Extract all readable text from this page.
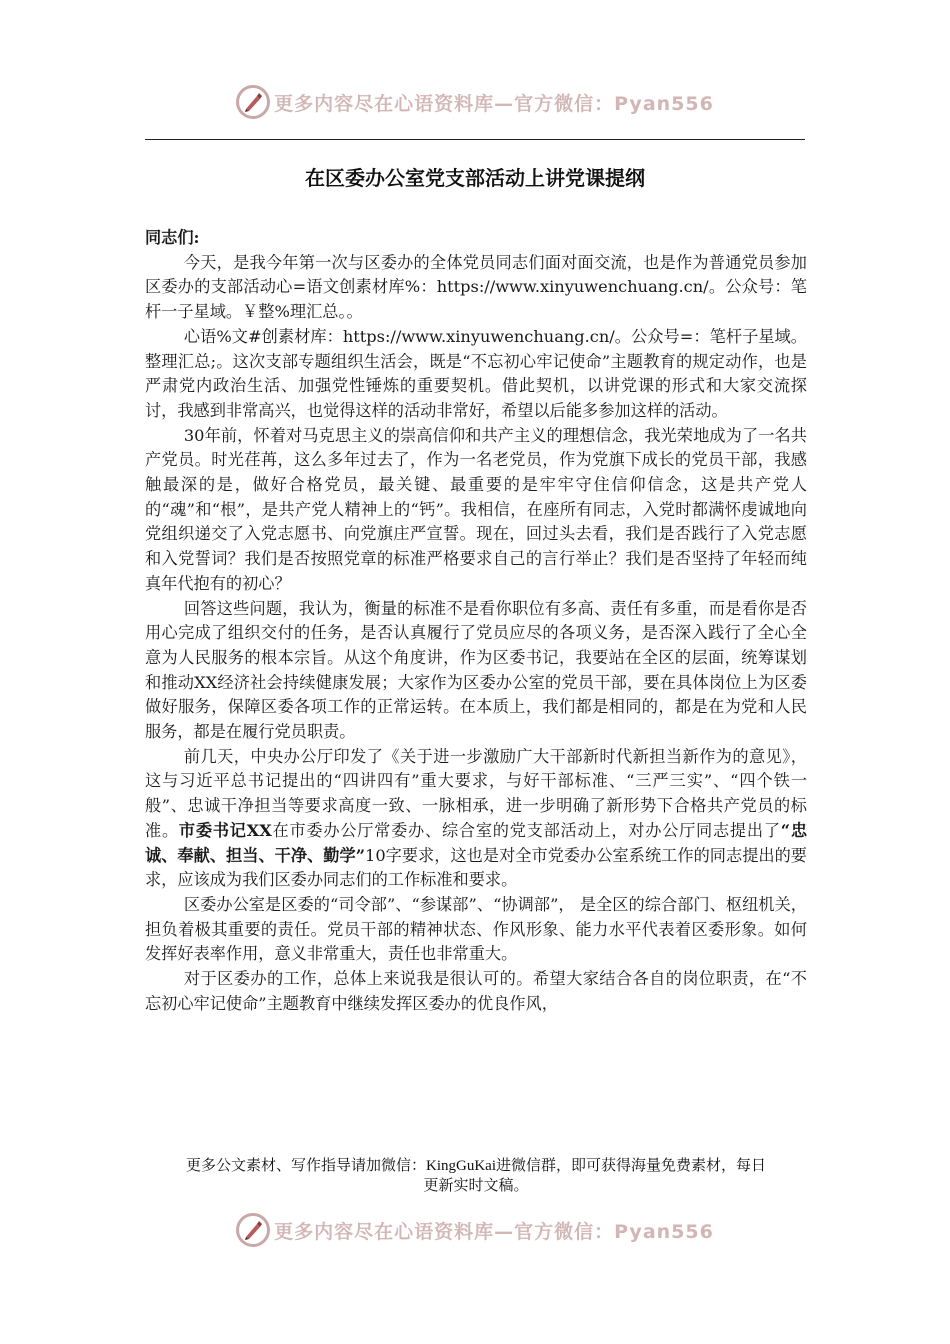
更多内容尽在心语资料库—官方微信：Pyan556
在区委办公室党支部活动上讲党课提纲

同志们:

今天，是我今年第一次与区委办的全体党员同志们面对面交流，也是作为普通党员参加区委办的支部活动心=语文创素材库%：https://www.xinyuwenchuang.cn/。公众号：笔杆一子星域。￥整%理汇总。。

心语%文#创素材库：https://www.xinyuwenchuang.cn/。公众号=：笔杆子星域。整理汇总;。这次支部专题组织生活会，既是“不忘初心牢记使命”主题教育的规定动作，也是严肃党内政治生活、加强党性锤炼的重要契机。借此契机，以讲党课的形式和大家交流探讨，我感到非常高兴，也觉得这样的活动非常好，希望以后能多参加这样的活动。

30年前，怀着对马克思主义的崇高信仰和共产主义的理想信念，我光荣地成为了一名共产党员。时光荏苒，这么多年过去了，作为一名老党员，作为党旗下成长的党员干部，我感触最深的是，做好合格党员，最关键、最重要的是牢牢守住信仰信念，这是共产党人的“魂”和“根”，是共产党人精神上的“钙”。我相信，在座所有同志，入党时都满怀虔诚地向党组织递交了入党志愿书、向党旗庄严宣誓。现在，回过头去看，我们是否践行了入党志愿和入党誓词？我们是否按照党章的标准严格要求自己的言行举止？我们是否坚持了年轻而纯真年代抱有的初心？

回答这些问题，我认为，衡量的标准不是看你职位有多高、责任有多重，而是看你是否用心完成了组织交付的任务，是否认真履行了党员应尽的各项义务，是否深入践行了全心全意为人民服务的根本宗旨。从这个角度讲，作为区委书记，我要站在全区的层面，统筹谋划和推动XX经济社会持续健康发展；大家作为区委办公室的党员干部，要在具体岗位上为区委做好服务，保障区委各项工作的正常运转。在本质上，我们都是相同的，都是在为党和人民服务，都是在履行党员职责。

前几天，中央办公厅印发了《关于进一步激励广大干部新时代新担当新作为的意见》，这与习近平总书记提出的“四讲四有”重大要求，与好干部标准、“三严三实”、“四个铁一般”、忠诚干净担当等要求高度一致、一脉相承，进一步明确了新形势下合格共产党员的标准。市委书记XX在市委办公厅常委办、综合室的党支部活动上，对办公厅同志提出了“忠诚、奉献、担当、干净、勤学”10字要求，这也是对全市党委办公室系统工作的同志提出的要求，应该成为我们区委办同志们的工作标准和要求。

区委办公室是区委的“司令部”、“参谋部”、“协调部”， 是全区的综合部门、枢纽机关，担负着极其重要的责任。党员干部的精神状态、作风形象、能力水平代表着区委形象。如何发挥好表率作用，意义非常重大，责任也非常重大。

对于区委办的工作，总体上来说我是很认可的。希望大家结合各自的岗位职责，在“不忘初心牢记使命”主题教育中继续发挥区委办的优良作风，

更多公文素材、写作指导请加微信：KingGuKai进微信群，即可获得海量免费素材，每日
更新实时文稿。
更多内容尽在心语资料库—官方微信：Pyan556
